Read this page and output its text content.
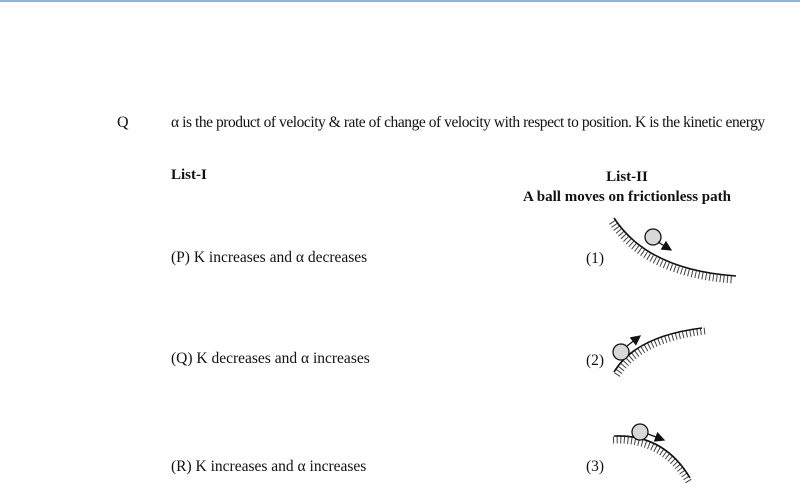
Q	α is the product of velocity & rate of change of velocity with respect to position. K is the kinetic energy
List-I	List-II
A ball moves on frictionless path
(P) K increases and α decreases
(Q) K decreases and α increases
(R) K increases and α increases
(1)
(2)
(3)
